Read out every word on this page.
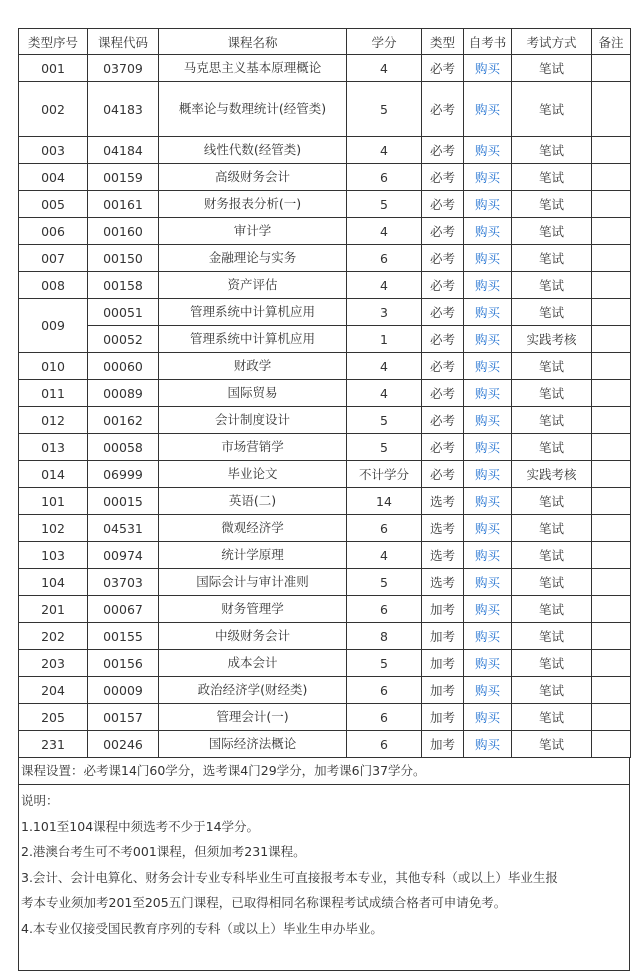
类型序号	课程代码	课程名称	学分	类型	自考书	考试方式	备注
001	03709	马克思主义基本原理概论	4	必考	购买	笔试	
002	04183	概率论与数理统计(经管类)	5	必考	购买	笔试	
003	04184	线性代数(经管类)	4	必考	购买	笔试	
004	00159	高级财务会计	6	必考	购买	笔试	
005	00161	财务报表分析(一)	5	必考	购买	笔试	
006	00160	审计学	4	必考	购买	笔试	
007	00150	金融理论与实务	6	必考	购买	笔试	
008	00158	资产评估	4	必考	购买	笔试	
009	00051	管理系统中计算机应用	3	必考	购买	笔试	
	00052	管理系统中计算机应用	1	必考	购买	实践考核	
010	00060	财政学	4	必考	购买	笔试	
011	00089	国际贸易	4	必考	购买	笔试	
012	00162	会计制度设计	5	必考	购买	笔试	
013	00058	市场营销学	5	必考	购买	笔试	
014	06999	毕业论文	不计学分	必考	购买	实践考核	
101	00015	英语(二)	14	选考	购买	笔试	
102	04531	微观经济学	6	选考	购买	笔试	
103	00974	统计学原理	4	选考	购买	笔试	
104	03703	国际会计与审计准则	5	选考	购买	笔试	
201	00067	财务管理学	6	加考	购买	笔试	
202	00155	中级财务会计	8	加考	购买	笔试	
203	00156	成本会计	5	加考	购买	笔试	
204	00009	政治经济学(财经类)	6	加考	购买	笔试	
205	00157	管理会计(一)	6	加考	购买	笔试	
231	00246	国际经济法概论	6	加考	购买	笔试	
课程设置：必考课14门60学分，选考课4门29学分，加考课6门37学分。
说明：
1.101至104课程中须选考不少于14学分。
2.港澳台考生可不考001课程，但须加考231课程。
3.会计、会计电算化、财务会计专业专科毕业生可直接报考本专业，其他专科（或以上）毕业生报
考本专业须加考201至205五门课程，已取得相同名称课程考试成绩合格者可申请免考。
4.本专业仅接受国民教育序列的专科（或以上）毕业生申办毕业。
